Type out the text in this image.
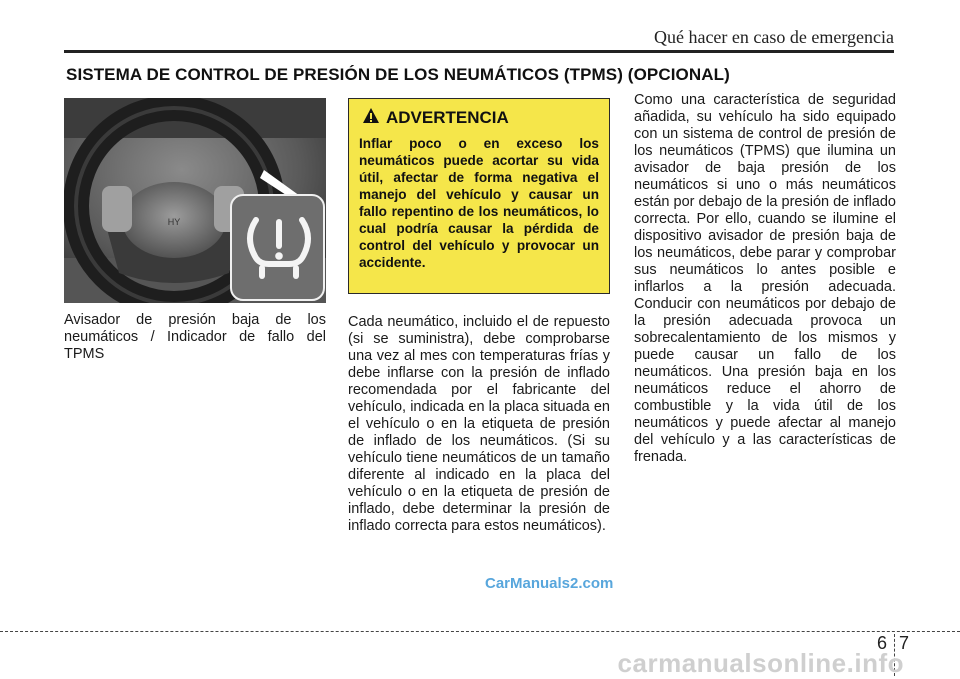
Qué hacer en caso de emergencia
SISTEMA DE CONTROL DE PRESIÓN DE LOS NEUMÁTICOS (TPMS) (OPCIONAL)
HY
Avisador de presión baja de los neumáticos / Indicador de fallo del TPMS
ADVERTENCIA
Inflar poco o en exceso los neumáticos puede acortar su vida útil, afectar de forma negativa el manejo del vehículo y causar un fallo repentino de los neumáticos, lo cual podría causar la pérdida de control del vehículo y provocar un accidente.
Cada neumático, incluido el de repuesto (si se suministra), debe comprobarse una vez al mes con temperaturas frías y debe inflarse con la presión de inflado recomendada por el fabricante del vehículo, indicada en la placa situada en el vehículo o en la etiqueta de presión de inflado de los neumáticos. (Si su vehículo tiene neumáticos de un tamaño diferente al indicado en la placa del vehículo o en la etiqueta de presión de inflado, debe determinar la presión de inflado correcta para estos neumáticos).
Como una característica de seguridad añadida, su vehículo ha sido equipado con un sistema de control de presión de los neumáticos (TPMS) que ilumina un avisador de baja presión de los neumáticos si uno o más neumáticos están por debajo de la presión de inflado correcta. Por ello, cuando se ilumine el dispositivo avisador de presión baja de los neumáticos, debe parar y comprobar sus neumáticos lo antes posible e inflarlos a la presión adecuada. Conducir con neumáticos por debajo de la presión adecuada provoca un sobrecalentamiento de los mismos y puede causar un fallo de los neumáticos. Una presión baja en los neumáticos reduce el ahorro de combustible y la vida útil de los neumáticos y puede afectar al manejo del vehículo y a las características de frenada.
CarManuals2.com
6 7
carmanualsonline.info
